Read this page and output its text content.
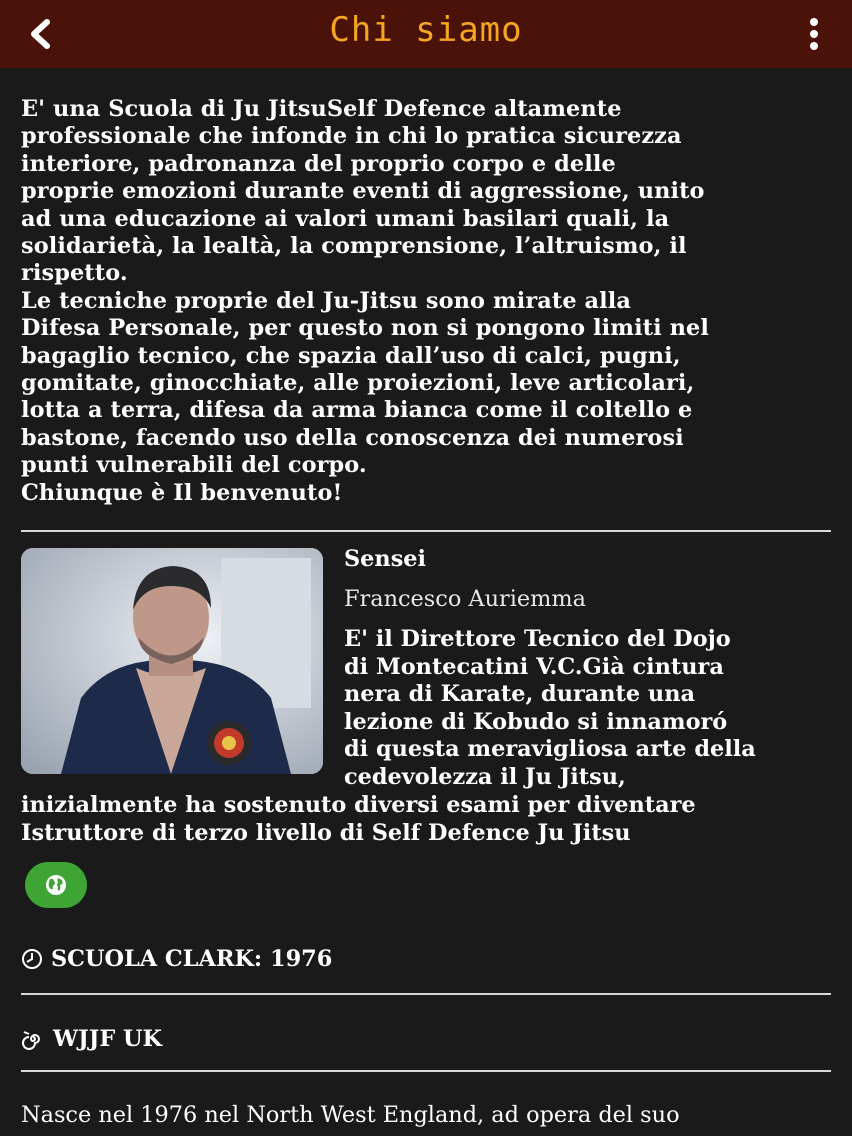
Chi siamo
E' una Scuola di Ju JitsuSelf Defence altamente
professionale che infonde in chi lo pratica sicurezza
interiore, padronanza del proprio corpo e delle
proprie emozioni durante eventi di aggressione, unito
ad una educazione ai valori umani basilari quali, la
solidarietà, la lealtà, la comprensione, l’altruismo, il
rispetto.
Le tecniche proprie del Ju-Jitsu sono mirate alla
Difesa Personale, per questo non si pongono limiti nel
bagaglio tecnico, che spazia dall’uso di calci, pugni,
gomitate, ginocchiate, alle proiezioni, leve articolari,
lotta a terra, difesa da arma bianca come il coltello e
bastone, facendo uso della conoscenza dei numerosi
punti vulnerabili del corpo.
Chiunque è Il benvenuto!
Sensei
Francesco Auriemma
E' il Direttore Tecnico del Dojo
di Montecatini V.C.Già cintura
nera di Karate, durante una
lezione di Kobudo si innamoró
di questa meravigliosa arte della
cedevolezza il Ju Jitsu,
inizialmente ha sostenuto diversi esami per diventare
Istruttore di terzo livello di Self Defence Ju Jitsu
SCUOLA CLARK: 1976
WJJF UK
Nasce nel 1976 nel North West England, ad opera del suo
